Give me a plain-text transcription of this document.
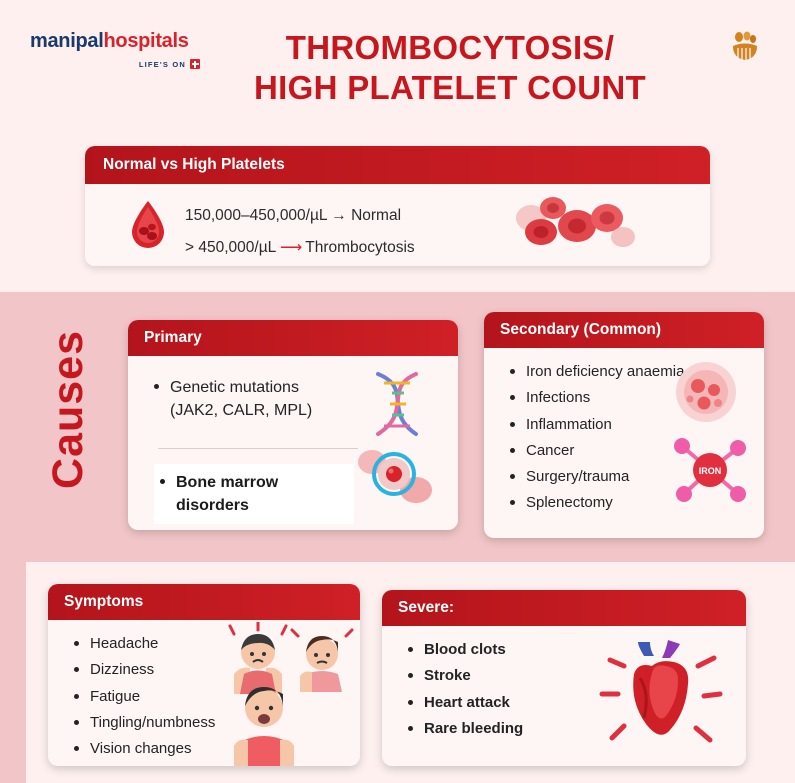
manipalhospitals
LIFE'S ON	THROMBOCYTOSIS/
HIGH PLATELET COUNT
Normal vs High Platelets
150,000–450,000/µL → Normal
> 450,000/µL ⟶ Thrombocytosis
Causes	Primary
Genetic mutations
(JAK2, CALR, MPL)
Bone marrow
disorders
Secondary (Common)
Iron deficiency anaemia
Infections
Inflammation
Cancer
Surgery/trauma
Splenectomy
IRON
Symptoms
Headache
Dizziness
Fatigue
Tingling/numbness
Vision changes
Severe:
Blood clots
Stroke
Heart attack
Rare bleeding
